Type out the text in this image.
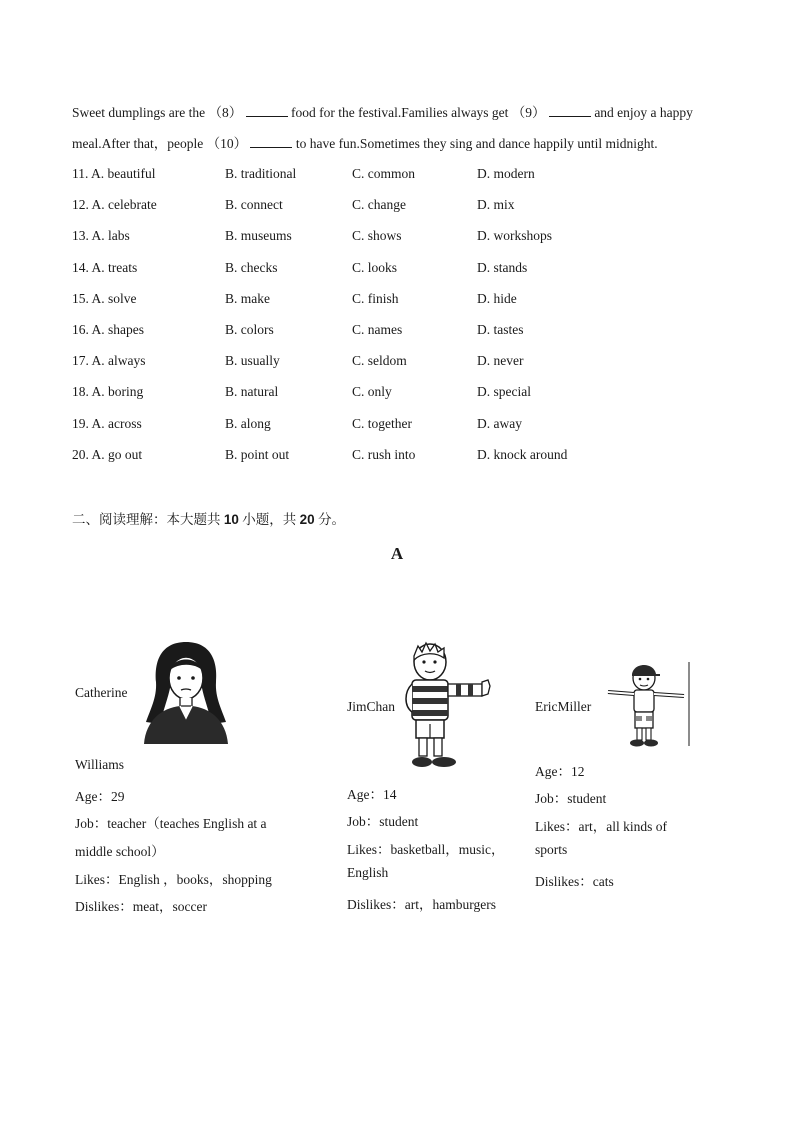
Sweet dumplings are the （8）	food for the festival.Families always get （9）	and enjoy a happy
meal.After that，people （10）	to have fun.Sometimes they sing and dance happily until midnight.
11. A. beautiful	B. traditional	C. common	D. modern
12. A. celebrate	B. connect	C. change	D. mix
13. A. labs	B. museums	C. shows	D. workshops
14. A. treats	B. checks	C. looks	D. stands
15. A. solve	B. make	C. finish	D. hide
16. A. shapes	B. colors	C. names	D. tastes
17. A. always	B. usually	C. seldom	D. never
18. A. boring	B. natural	C. only	D. special
19. A. across	B. along	C. together	D. away
20. A. go out	B. point out	C. rush into	D. knock around
二、阅读理解：本大题共 10 小题，共 20 分。
A
Catherine
Williams
Age：29
Job：teacher（teaches English at a
middle school）
Likes：English ，books，shopping
Dislikes：meat，soccer
JimChan
Age：14
Job：student
Likes：basketball，music，
English
Dislikes：art，hamburgers
EricMiller
Age：12
Job：student
Likes：art，all kinds of
sports
Dislikes：cats
